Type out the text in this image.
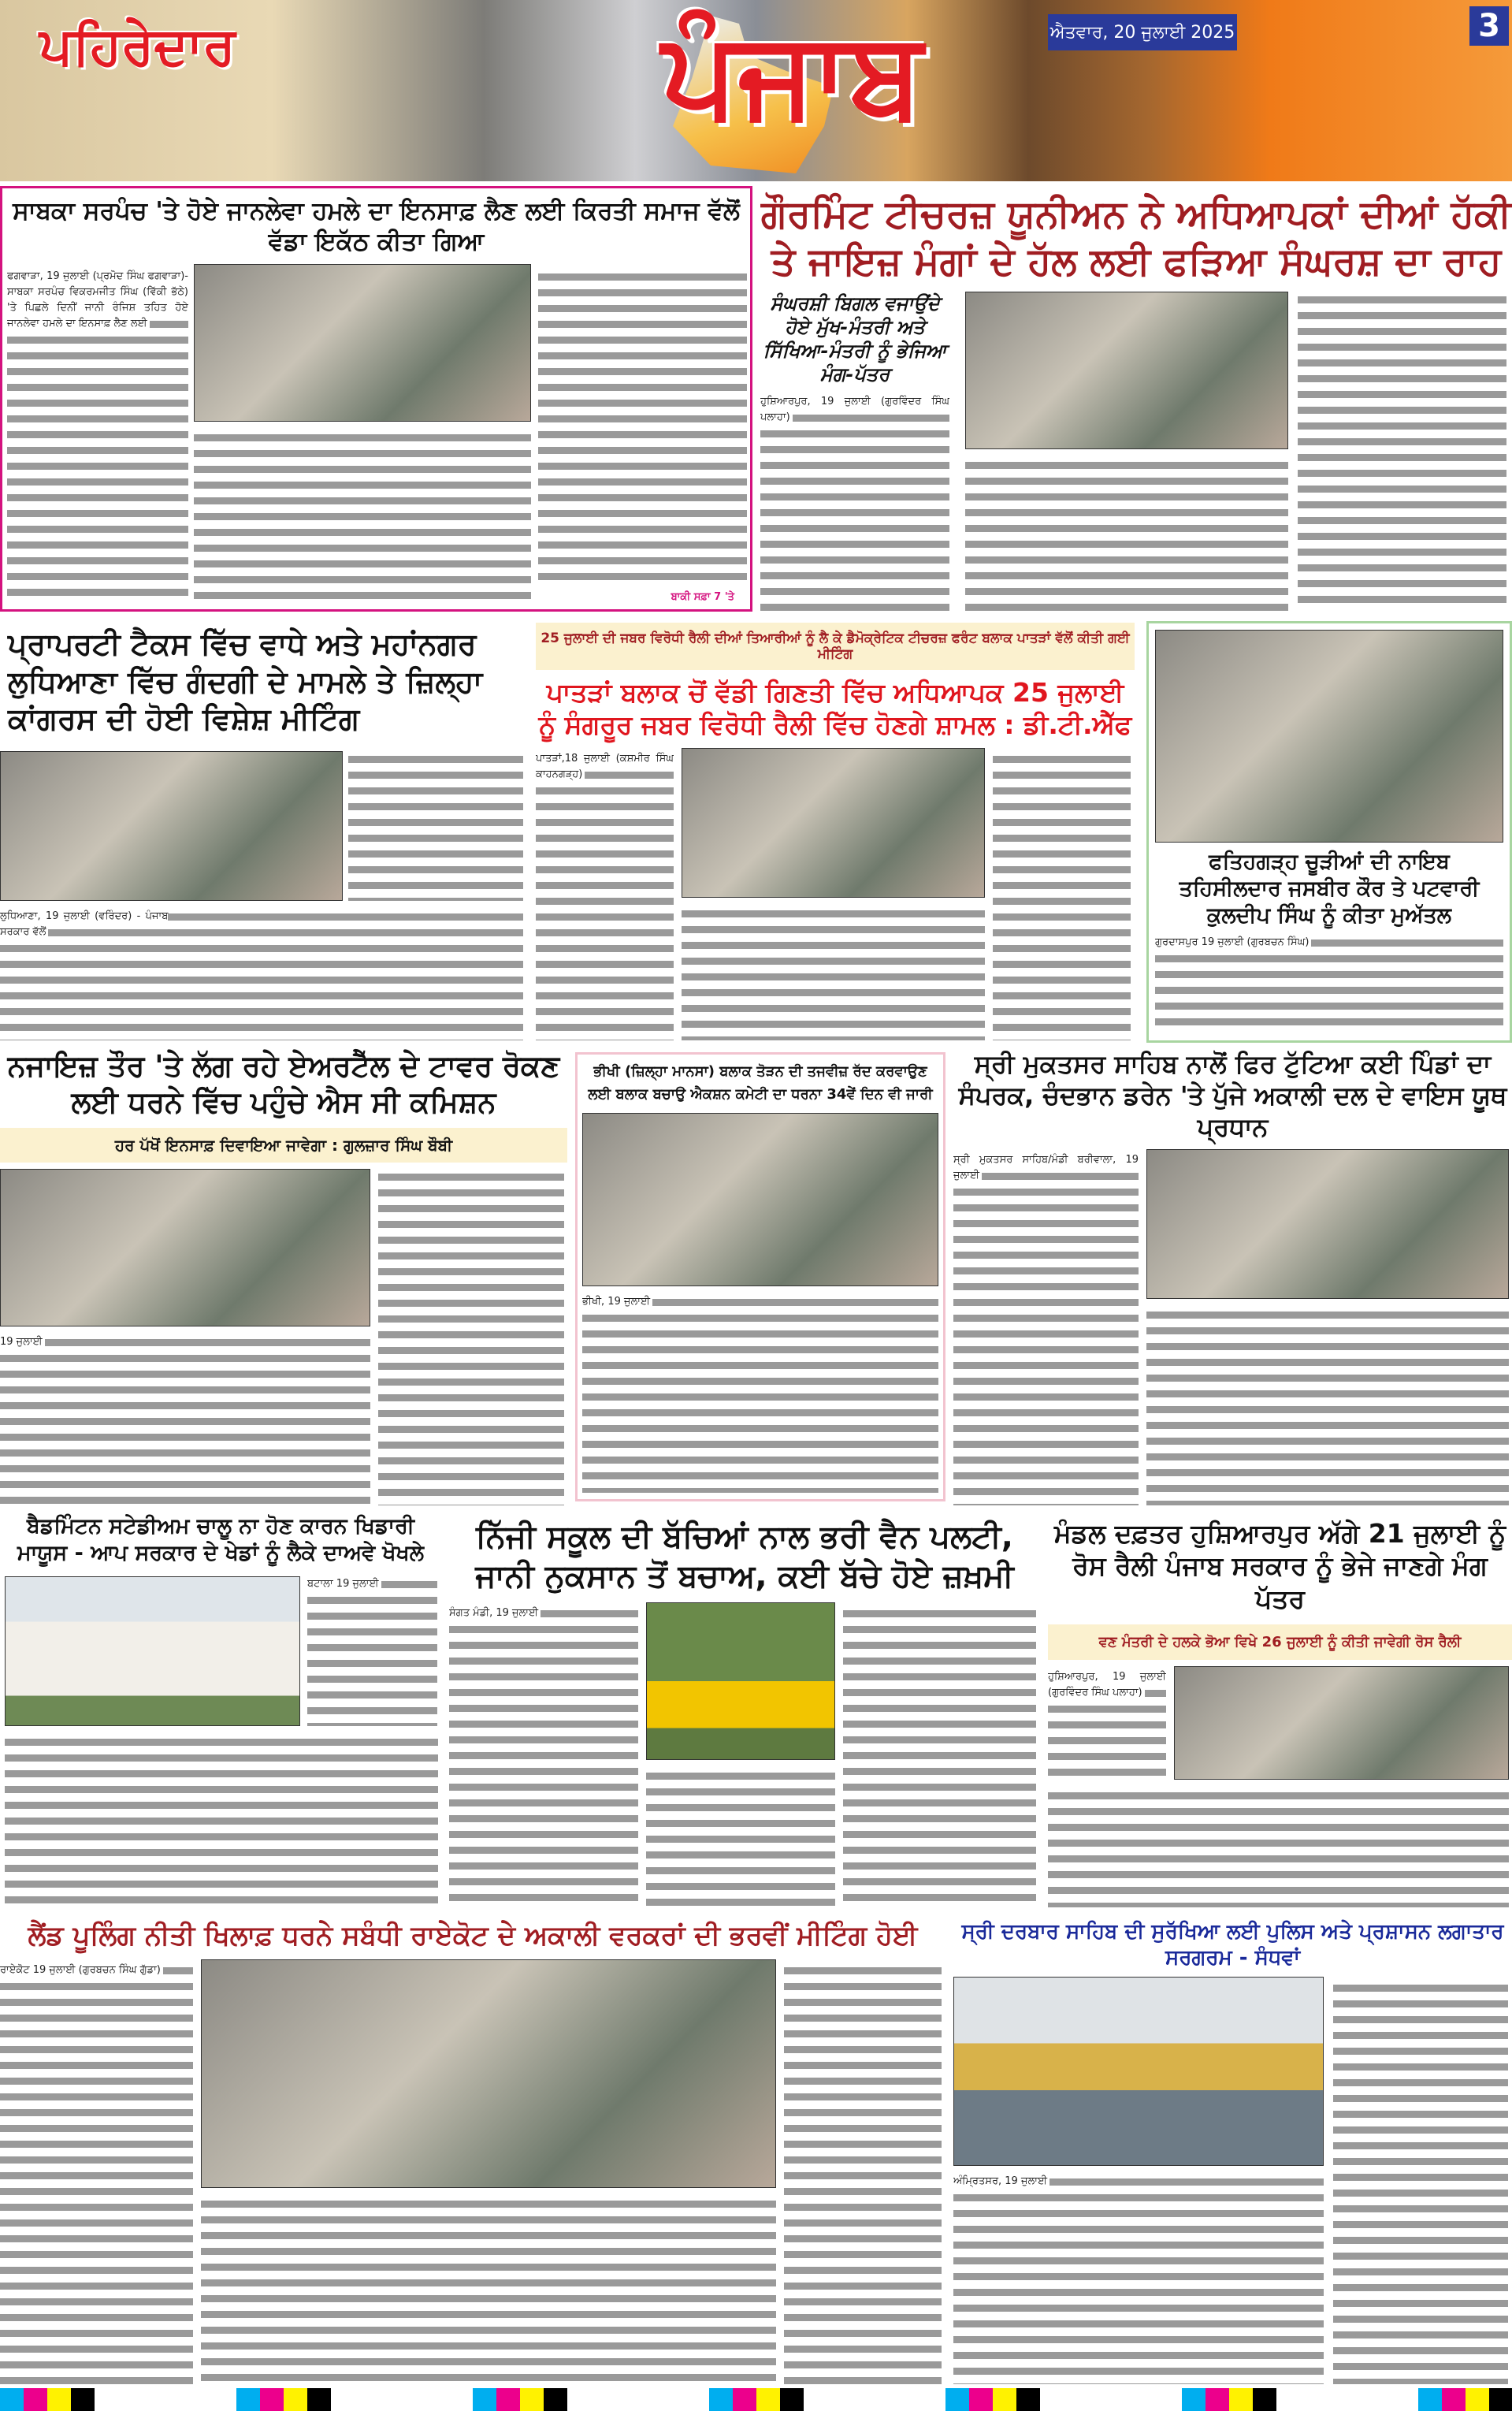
ਪਹਿਰੇਦਾਰ	ਪੰਜਾਬ	ਐਤਵਾਰ, 20 ਜੁਲਾਈ 2025	3
ਸਾਬਕਾ ਸਰਪੰਚ 'ਤੇ ਹੋਏ ਜਾਨਲੇਵਾ ਹਮਲੇ ਦਾ ਇਨਸਾਫ਼ ਲੈਣ ਲਈ ਕਿਰਤੀ ਸਮਾਜ ਵੱਲੋਂ ਵੱਡਾ ਇਕੱਠ ਕੀਤਾ ਗਿਆ
ਫਗਵਾੜਾ, 19 ਜੁਲਾਈ (ਪ੍ਰਮੋਦ ਸਿੰਘ ਫਗਵਾੜਾ)- ਸਾਬਕਾ ਸਰਪੰਚ ਵਿਕਰਮਜੀਤ ਸਿੰਘ (ਵਿੱਕੀ ਭੱਠੇ) 'ਤੇ ਪਿਛਲੇ ਦਿਨੀਂ ਜਾਨੀ ਰੰਜਿਸ਼ ਤਹਿਤ ਹੋਏ ਜਾਨਲੇਵਾ ਹਮਲੇ ਦਾ ਇਨਸਾਫ਼ ਲੈਣ ਲਈ
ਬਾਕੀ ਸਫ਼ਾ 7 'ਤੇ
ਗੌਰਮਿੰਟ ਟੀਚਰਜ਼ ਯੂਨੀਅਨ ਨੇ ਅਧਿਆਪਕਾਂ ਦੀਆਂ ਹੱਕੀ ਤੇ ਜਾਇਜ਼ ਮੰਗਾਂ ਦੇ ਹੱਲ ਲਈ ਫੜਿਆ ਸੰਘਰਸ਼ ਦਾ ਰਾਹ
ਸੰਘਰਸ਼ੀ ਬਿਗਲ ਵਜਾਉਂਦੇ ਹੋਏ ਮੁੱਖ-ਮੰਤਰੀ ਅਤੇ ਸਿੱਖਿਆ-ਮੰਤਰੀ ਨੂੰ ਭੇਜਿਆ ਮੰਗ-ਪੱਤਰ
ਹੁਸ਼ਿਆਰਪੁਰ, 19 ਜੁਲਾਈ (ਗੁਰਵਿੰਦਰ ਸਿੰਘ ਪਲਾਹਾ)
ਪ੍ਰਾਪਰਟੀ ਟੈਕਸ ਵਿੱਚ ਵਾਧੇ ਅਤੇ ਮਹਾਂਨਗਰ ਲੁਧਿਆਣਾ ਵਿੱਚ ਗੰਦਗੀ ਦੇ ਮਾਮਲੇ ਤੇ ਜ਼ਿਲ੍ਹਾ ਕਾਂਗਰਸ ਦੀ ਹੋਈ ਵਿਸ਼ੇਸ਼ ਮੀਟਿੰਗ
ਲੁਧਿਆਣਾ, 19 ਜੁਲਾਈ (ਵਰਿੰਦਰ) - ਪੰਜਾਬ ਸਰਕਾਰ ਵੱਲੋਂ
25 ਜੁਲਾਈ ਦੀ ਜਬਰ ਵਿਰੋਧੀ ਰੈਲੀ ਦੀਆਂ ਤਿਆਰੀਆਂ ਨੂੰ ਲੈ ਕੇ ਡੈਮੋਕ੍ਰੇਟਿਕ ਟੀਚਰਜ਼ ਫਰੰਟ ਬਲਾਕ ਪਾਤੜਾਂ ਵੱਲੋਂ ਕੀਤੀ ਗਈ ਮੀਟਿੰਗ
ਪਾਤੜਾਂ ਬਲਾਕ ਚੋਂ ਵੱਡੀ ਗਿਣਤੀ ਵਿੱਚ ਅਧਿਆਪਕ 25 ਜੁਲਾਈ ਨੂੰ ਸੰਗਰੂਰ ਜਬਰ ਵਿਰੋਧੀ ਰੈਲੀ ਵਿੱਚ ਹੋਣਗੇ ਸ਼ਾਮਲ : ਡੀ.ਟੀ.ਐੱਫ
ਪਾਤੜਾਂ,18 ਜੁਲਾਈ (ਕਸ਼ਮੀਰ ਸਿੰਘ ਕਾਹਨਗੜ੍ਹ)
ਫਤਿਹਗੜ੍ਹ ਚੂੜੀਆਂ ਦੀ ਨਾਇਬ ਤਹਿਸੀਲਦਾਰ ਜਸਬੀਰ ਕੌਰ ਤੇ ਪਟਵਾਰੀ ਕੁਲਦੀਪ ਸਿੰਘ ਨੂੰ ਕੀਤਾ ਮੁਅੱਤਲ
ਗੁਰਦਾਸਪੁਰ 19 ਜੁਲਾਈ (ਗੁਰਬਚਨ ਸਿੰਘ)
ਨਜਾਇਜ਼ ਤੌਰ 'ਤੇ ਲੱਗ ਰਹੇ ਏਅਰਟੈੱਲ ਦੇ ਟਾਵਰ ਰੋਕਣ ਲਈ ਧਰਨੇ ਵਿੱਚ ਪਹੁੰਚੇ ਐਸ ਸੀ ਕਮਿਸ਼ਨ
ਹਰ ਪੱਖੋਂ ਇਨਸਾਫ਼ ਦਿਵਾਇਆ ਜਾਵੇਗਾ : ਗੁਲਜ਼ਾਰ ਸਿੰਘ ਬੌਬੀ
19 ਜੁਲਾਈ
ਭੀਖੀ (ਜ਼ਿਲ੍ਹਾ ਮਾਨਸਾ) ਬਲਾਕ ਤੋੜਨ ਦੀ ਤਜਵੀਜ਼ ਰੱਦ ਕਰਵਾਉਣ ਲਈ ਬਲਾਕ ਬਚਾਉ ਐਕਸ਼ਨ ਕਮੇਟੀ ਦਾ ਧਰਨਾ 34ਵੇਂ ਦਿਨ ਵੀ ਜਾਰੀ
ਭੀਖੀ, 19 ਜੁਲਾਈ
ਸ੍ਰੀ ਮੁਕਤਸਰ ਸਾਹਿਬ ਨਾਲੋਂ ਫਿਰ ਟੁੱਟਿਆ ਕਈ ਪਿੰਡਾਂ ਦਾ ਸੰਪਰਕ, ਚੰਦਭਾਨ ਡਰੇਨ 'ਤੇ ਪੁੱਜੇ ਅਕਾਲੀ ਦਲ ਦੇ ਵਾਇਸ ਯੂਥ ਪ੍ਰਧਾਨ
ਸ੍ਰੀ ਮੁਕਤਸਰ ਸਾਹਿਬ/ਮੰਡੀ ਬਰੀਵਾਲਾ, 19 ਜੁਲਾਈ
ਬੈਡਮਿੰਟਨ ਸਟੇਡੀਅਮ ਚਾਲੂ ਨਾ ਹੋਣ ਕਾਰਨ ਖਿਡਾਰੀ ਮਾਯੂਸ - ਆਪ ਸਰਕਾਰ ਦੇ ਖੇਡਾਂ ਨੂੰ ਲੈਕੇ ਦਾਅਵੇ ਖੋਖਲੇ
ਬਟਾਲਾ 19 ਜੁਲਾਈ
ਨਿੱਜੀ ਸਕੂਲ ਦੀ ਬੱਚਿਆਂ ਨਾਲ ਭਰੀ ਵੈਨ ਪਲਟੀ, ਜਾਨੀ ਨੁਕਸਾਨ ਤੋਂ ਬਚਾਅ, ਕਈ ਬੱਚੇ ਹੋਏ ਜ਼ਖ਼ਮੀ
ਸੰਗਤ ਮੰਡੀ, 19 ਜੁਲਾਈ
ਮੰਡਲ ਦਫ਼ਤਰ ਹੁਸ਼ਿਆਰਪੁਰ ਅੱਗੇ 21 ਜੁਲਾਈ ਨੂੰ ਰੋਸ ਰੈਲੀ ਪੰਜਾਬ ਸਰਕਾਰ ਨੂੰ ਭੇਜੇ ਜਾਣਗੇ ਮੰਗ ਪੱਤਰ
ਵਣ ਮੰਤਰੀ ਦੇ ਹਲਕੇ ਭੋਆ ਵਿਖੇ 26 ਜੁਲਾਈ ਨੂੰ ਕੀਤੀ ਜਾਵੇਗੀ ਰੋਸ ਰੈਲੀ
ਹੁਸ਼ਿਆਰਪੁਰ, 19 ਜੁਲਾਈ (ਗੁਰਵਿੰਦਰ ਸਿੰਘ ਪਲਾਹਾ)
ਲੈਂਡ ਪੂਲਿੰਗ ਨੀਤੀ ਖਿਲਾਫ਼ ਧਰਨੇ ਸਬੰਧੀ ਰਾਏਕੋਟ ਦੇ ਅਕਾਲੀ ਵਰਕਰਾਂ ਦੀ ਭਰਵੀਂ ਮੀਟਿੰਗ ਹੋਈ
ਰਾਏਕੋਟ 19 ਜੁਲਾਈ (ਗੁਰਬਚਨ ਸਿੰਘ ਗੁੱਡਾ)
ਸ੍ਰੀ ਦਰਬਾਰ ਸਾਹਿਬ ਦੀ ਸੁਰੱਖਿਆ ਲਈ ਪੁਲਿਸ ਅਤੇ ਪ੍ਰਸ਼ਾਸਨ ਲਗਾਤਾਰ ਸਰਗਰਮ - ਸੰਧਵਾਂ
ਅੰਮ੍ਰਿਤਸਰ, 19 ਜੁਲਾਈ
